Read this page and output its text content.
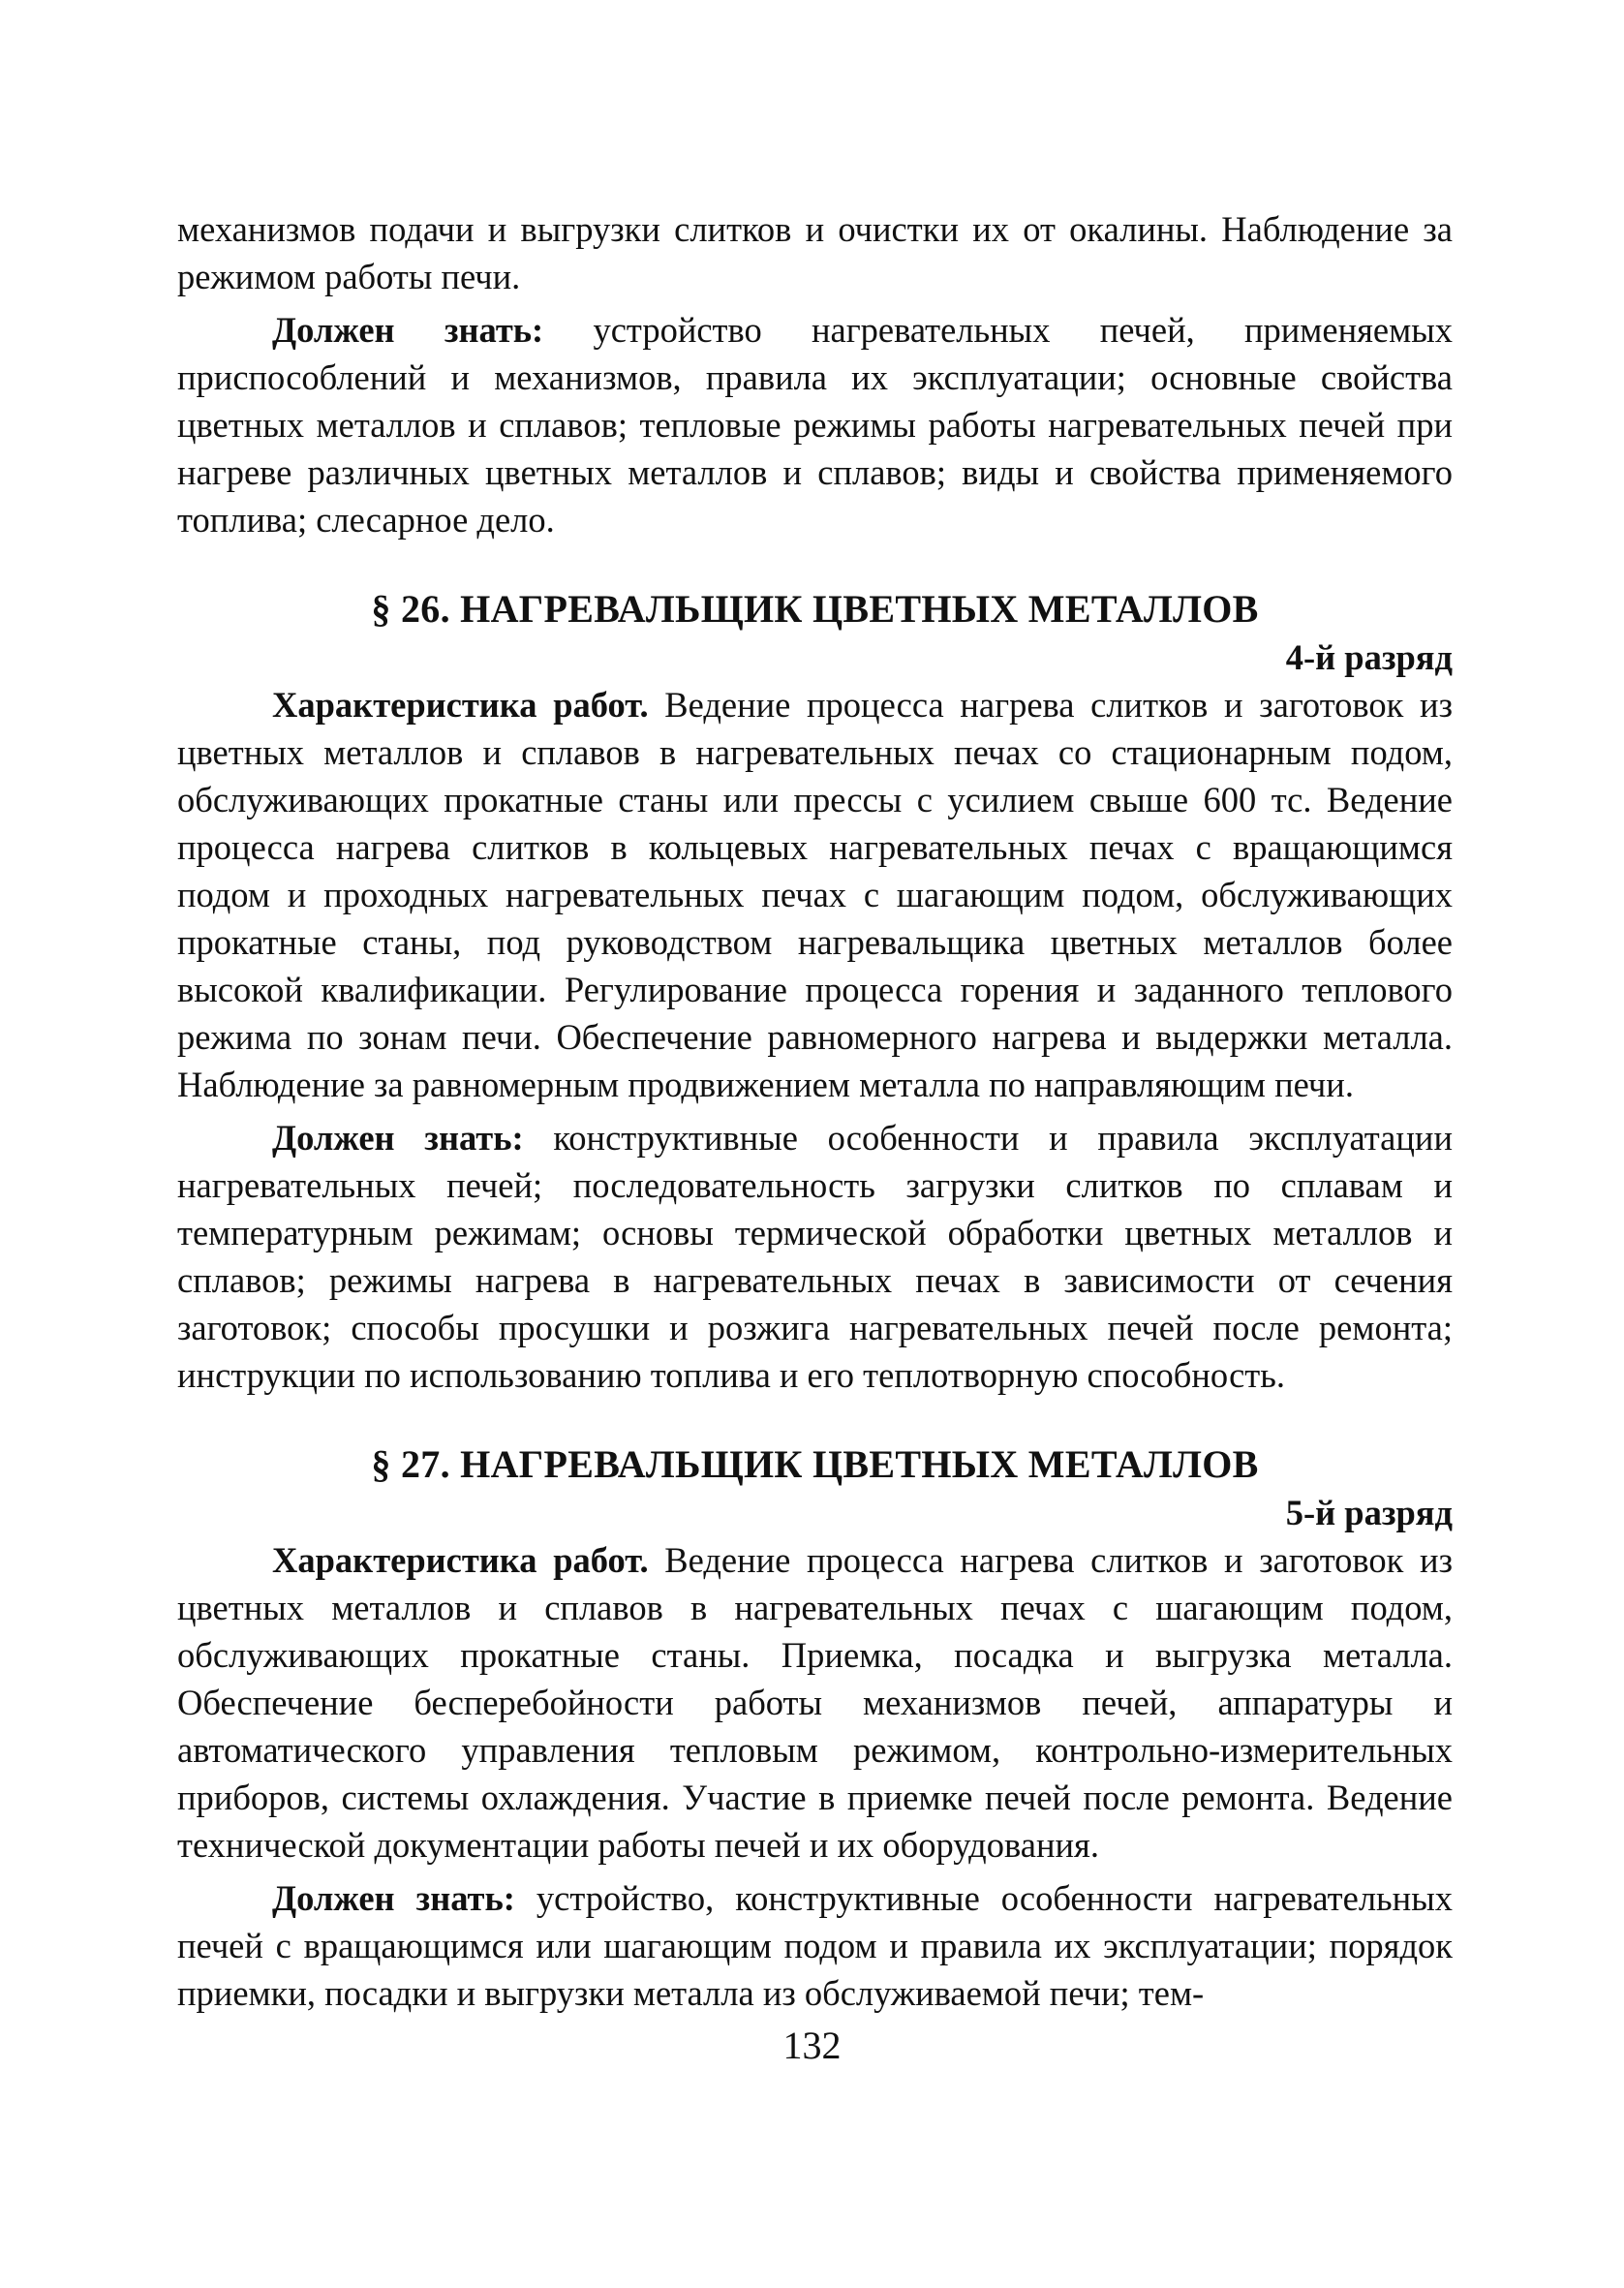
механизмов подачи и выгрузки слитков и очистки их от окалины. Наблюдение за режимом работы печи.

Должен знать: устройство нагревательных печей, применяемых приспособлений и механизмов, правила их эксплуатации; основные свойства цветных металлов и сплавов; тепловые режимы работы нагревательных печей при нагреве различных цветных металлов и сплавов; виды и свойства применяемого топлива; слесарное дело.

§ 26. НАГРЕВАЛЬЩИК ЦВЕТНЫХ МЕТАЛЛОВ
4-й разряд

Характеристика работ. Ведение процесса нагрева слитков и заготовок из цветных металлов и сплавов в нагревательных печах со стационарным подом, обслуживающих прокатные станы или прессы с усилием свыше 600 тс. Ведение процесса нагрева слитков в кольцевых нагревательных печах с вращающимся подом и проходных нагревательных печах с шагающим подом, обслуживающих прокатные станы, под руководством нагревальщика цветных металлов более высокой квалификации. Регулирование процесса горения и заданного теплового режима по зонам печи. Обеспечение равномерного нагрева и выдержки металла. Наблюдение за равномерным продвижением металла по направляющим печи.

Должен знать: конструктивные особенности и правила эксплуатации нагревательных печей; последовательность загрузки слитков по сплавам и температурным режимам; основы термической обработки цветных металлов и сплавов; режимы нагрева в нагревательных печах в зависимости от сечения заготовок; способы просушки и розжига нагревательных печей после ремонта; инструкции по использованию топлива и его теплотворную способность.

§ 27. НАГРЕВАЛЬЩИК ЦВЕТНЫХ МЕТАЛЛОВ
5-й разряд

Характеристика работ. Ведение процесса нагрева слитков и заготовок из цветных металлов и сплавов в нагревательных печах с шагающим подом, обслуживающих прокатные станы. Приемка, посадка и выгрузка металла. Обеспечение бесперебойности работы механизмов печей, аппаратуры и автоматического управления тепловым режимом, контрольно-измерительных приборов, системы охлаждения. Участие в приемке печей после ремонта. Ведение технической документации работы печей и их оборудования.

Должен знать: устройство, конструктивные особенности нагревательных печей с вращающимся или шагающим подом и правила их эксплуатации; порядок приемки, посадки и выгрузки металла из обслуживаемой печи; тем-

132
